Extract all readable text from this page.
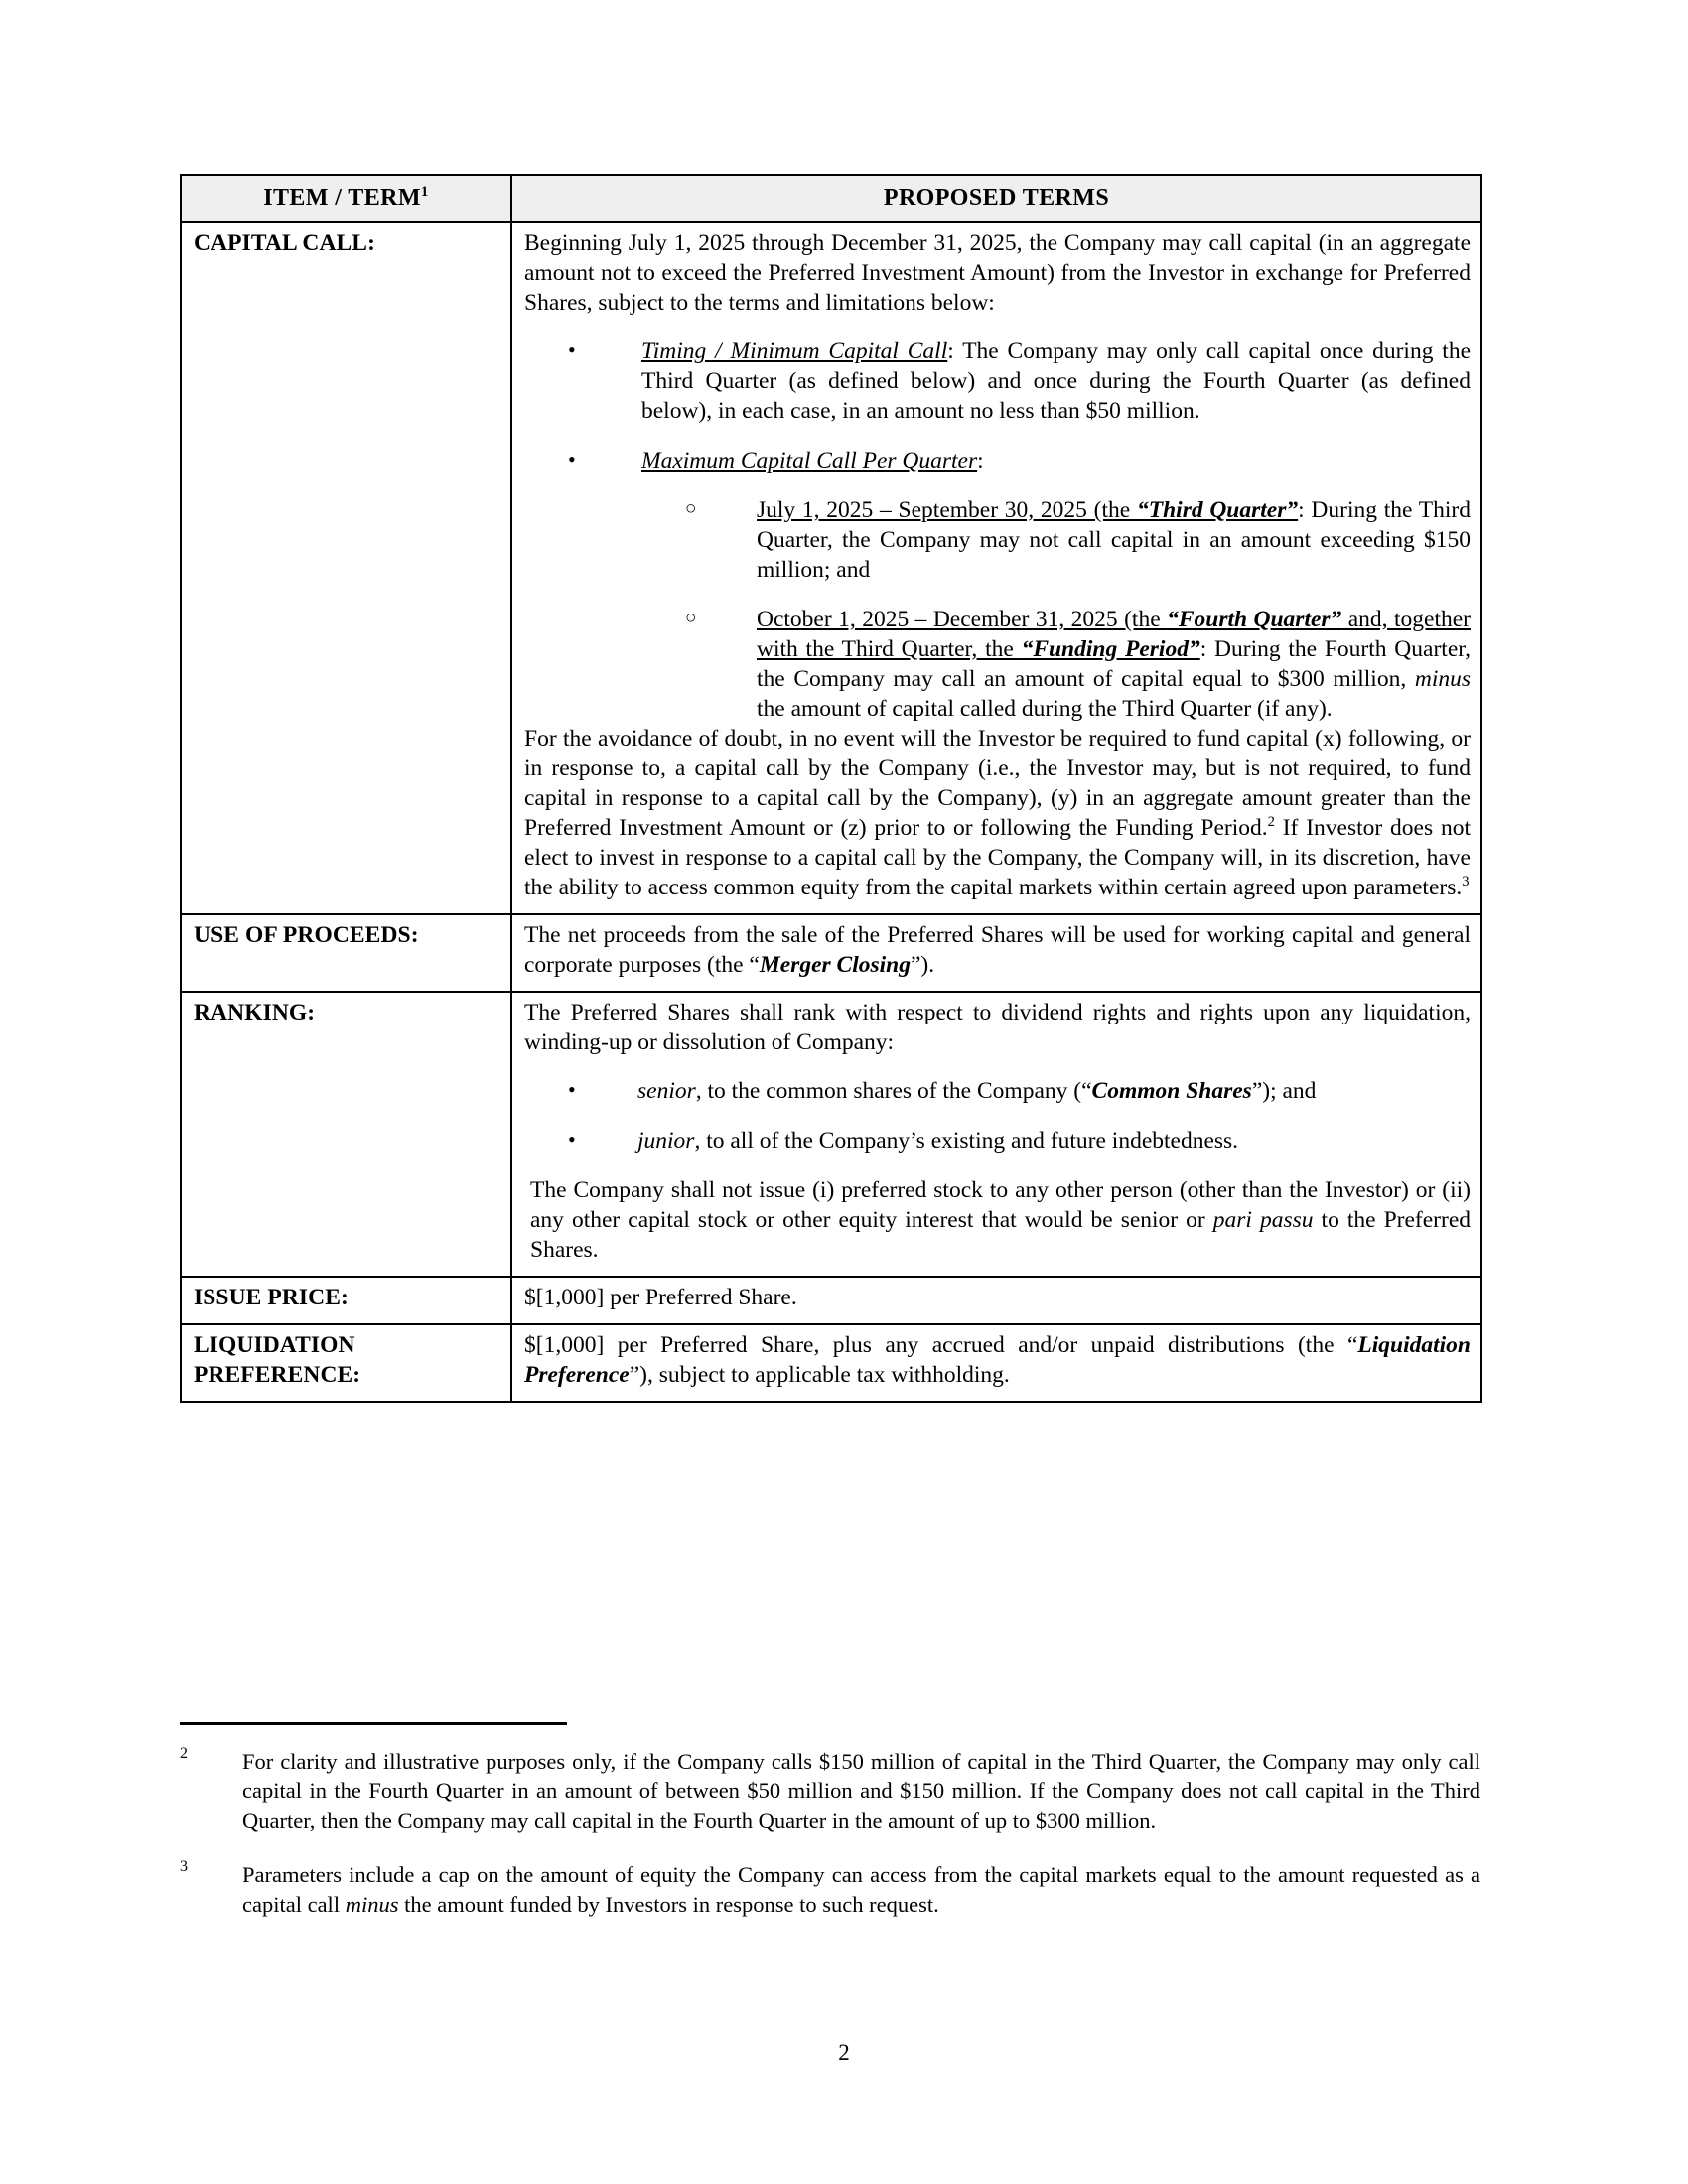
ITEM / TERM$^1$	PROPOSED TERMS
CAPITAL CALL:	Beginning July 1, 2025 through December 31, 2025, the Company may call capital (in an aggregate amount not to exceed the Preferred Investment Amount) from the Investor in exchange for Preferred Shares, subject to the terms and limitations below:

•	Timing / Minimum Capital Call: The Company may only call capital once during the Third Quarter (as defined below) and once during the Fourth Quarter (as defined below), in each case, in an amount no less than $50 million.
•	Maximum Capital Call Per Quarter:
○	July 1, 2025 – September 30, 2025 (the “Third Quarter”: During the Third Quarter, the Company may not call capital in an amount exceeding $150 million; and
○	October 1, 2025 – December 31, 2025 (the “Fourth Quarter” and, together with the Third Quarter, the “Funding Period”: During the Fourth Quarter, the Company may call an amount of capital equal to $300 million, minus the amount of capital called during the Third Quarter (if any).

For the avoidance of doubt, in no event will the Investor be required to fund capital (x) following, or in response to, a capital call by the Company (i.e., the Investor may, but is not required, to fund capital in response to a capital call by the Company), (y) in an aggregate amount greater than the Preferred Investment Amount or (z) prior to or following the Funding Period.$^2$ If Investor does not elect to invest in response to a capital call by the Company, the Company will, in its discretion, have the ability to access common equity from the capital markets within certain agreed upon parameters.$^3$

USE OF PROCEEDS:	The net proceeds from the sale of the Preferred Shares will be used for working capital and general corporate purposes (the “Merger Closing”).

RANKING:	The Preferred Shares shall rank with respect to dividend rights and rights upon any liquidation, winding-up or dissolution of Company:

•	senior, to the common shares of the Company (“Common Shares”); and
•	junior, to all of the Company’s existing and future indebtedness.
The Company shall not issue (i) preferred stock to any other person (other than the Investor) or (ii) any other capital stock or other equity interest that would be senior or pari passu to the Preferred Shares.

ISSUE PRICE:	$[1,000] per Preferred Share.

LIQUIDATION PREFERENCE:	$[1,000] per Preferred Share, plus any accrued and/or unpaid distributions (the “Liquidation Preference”), subject to applicable tax withholding.

2 For clarity and illustrative purposes only, if the Company calls $150 million of capital in the Third Quarter, the Company may only call capital in the Fourth Quarter in an amount of between $50 million and $150 million. If the Company does not call capital in the Third Quarter, then the Company may call capital in the Fourth Quarter in the amount of up to $300 million.
3 Parameters include a cap on the amount of equity the Company can access from the capital markets equal to the amount requested as a capital call minus the amount funded by Investors in response to such request.
2
